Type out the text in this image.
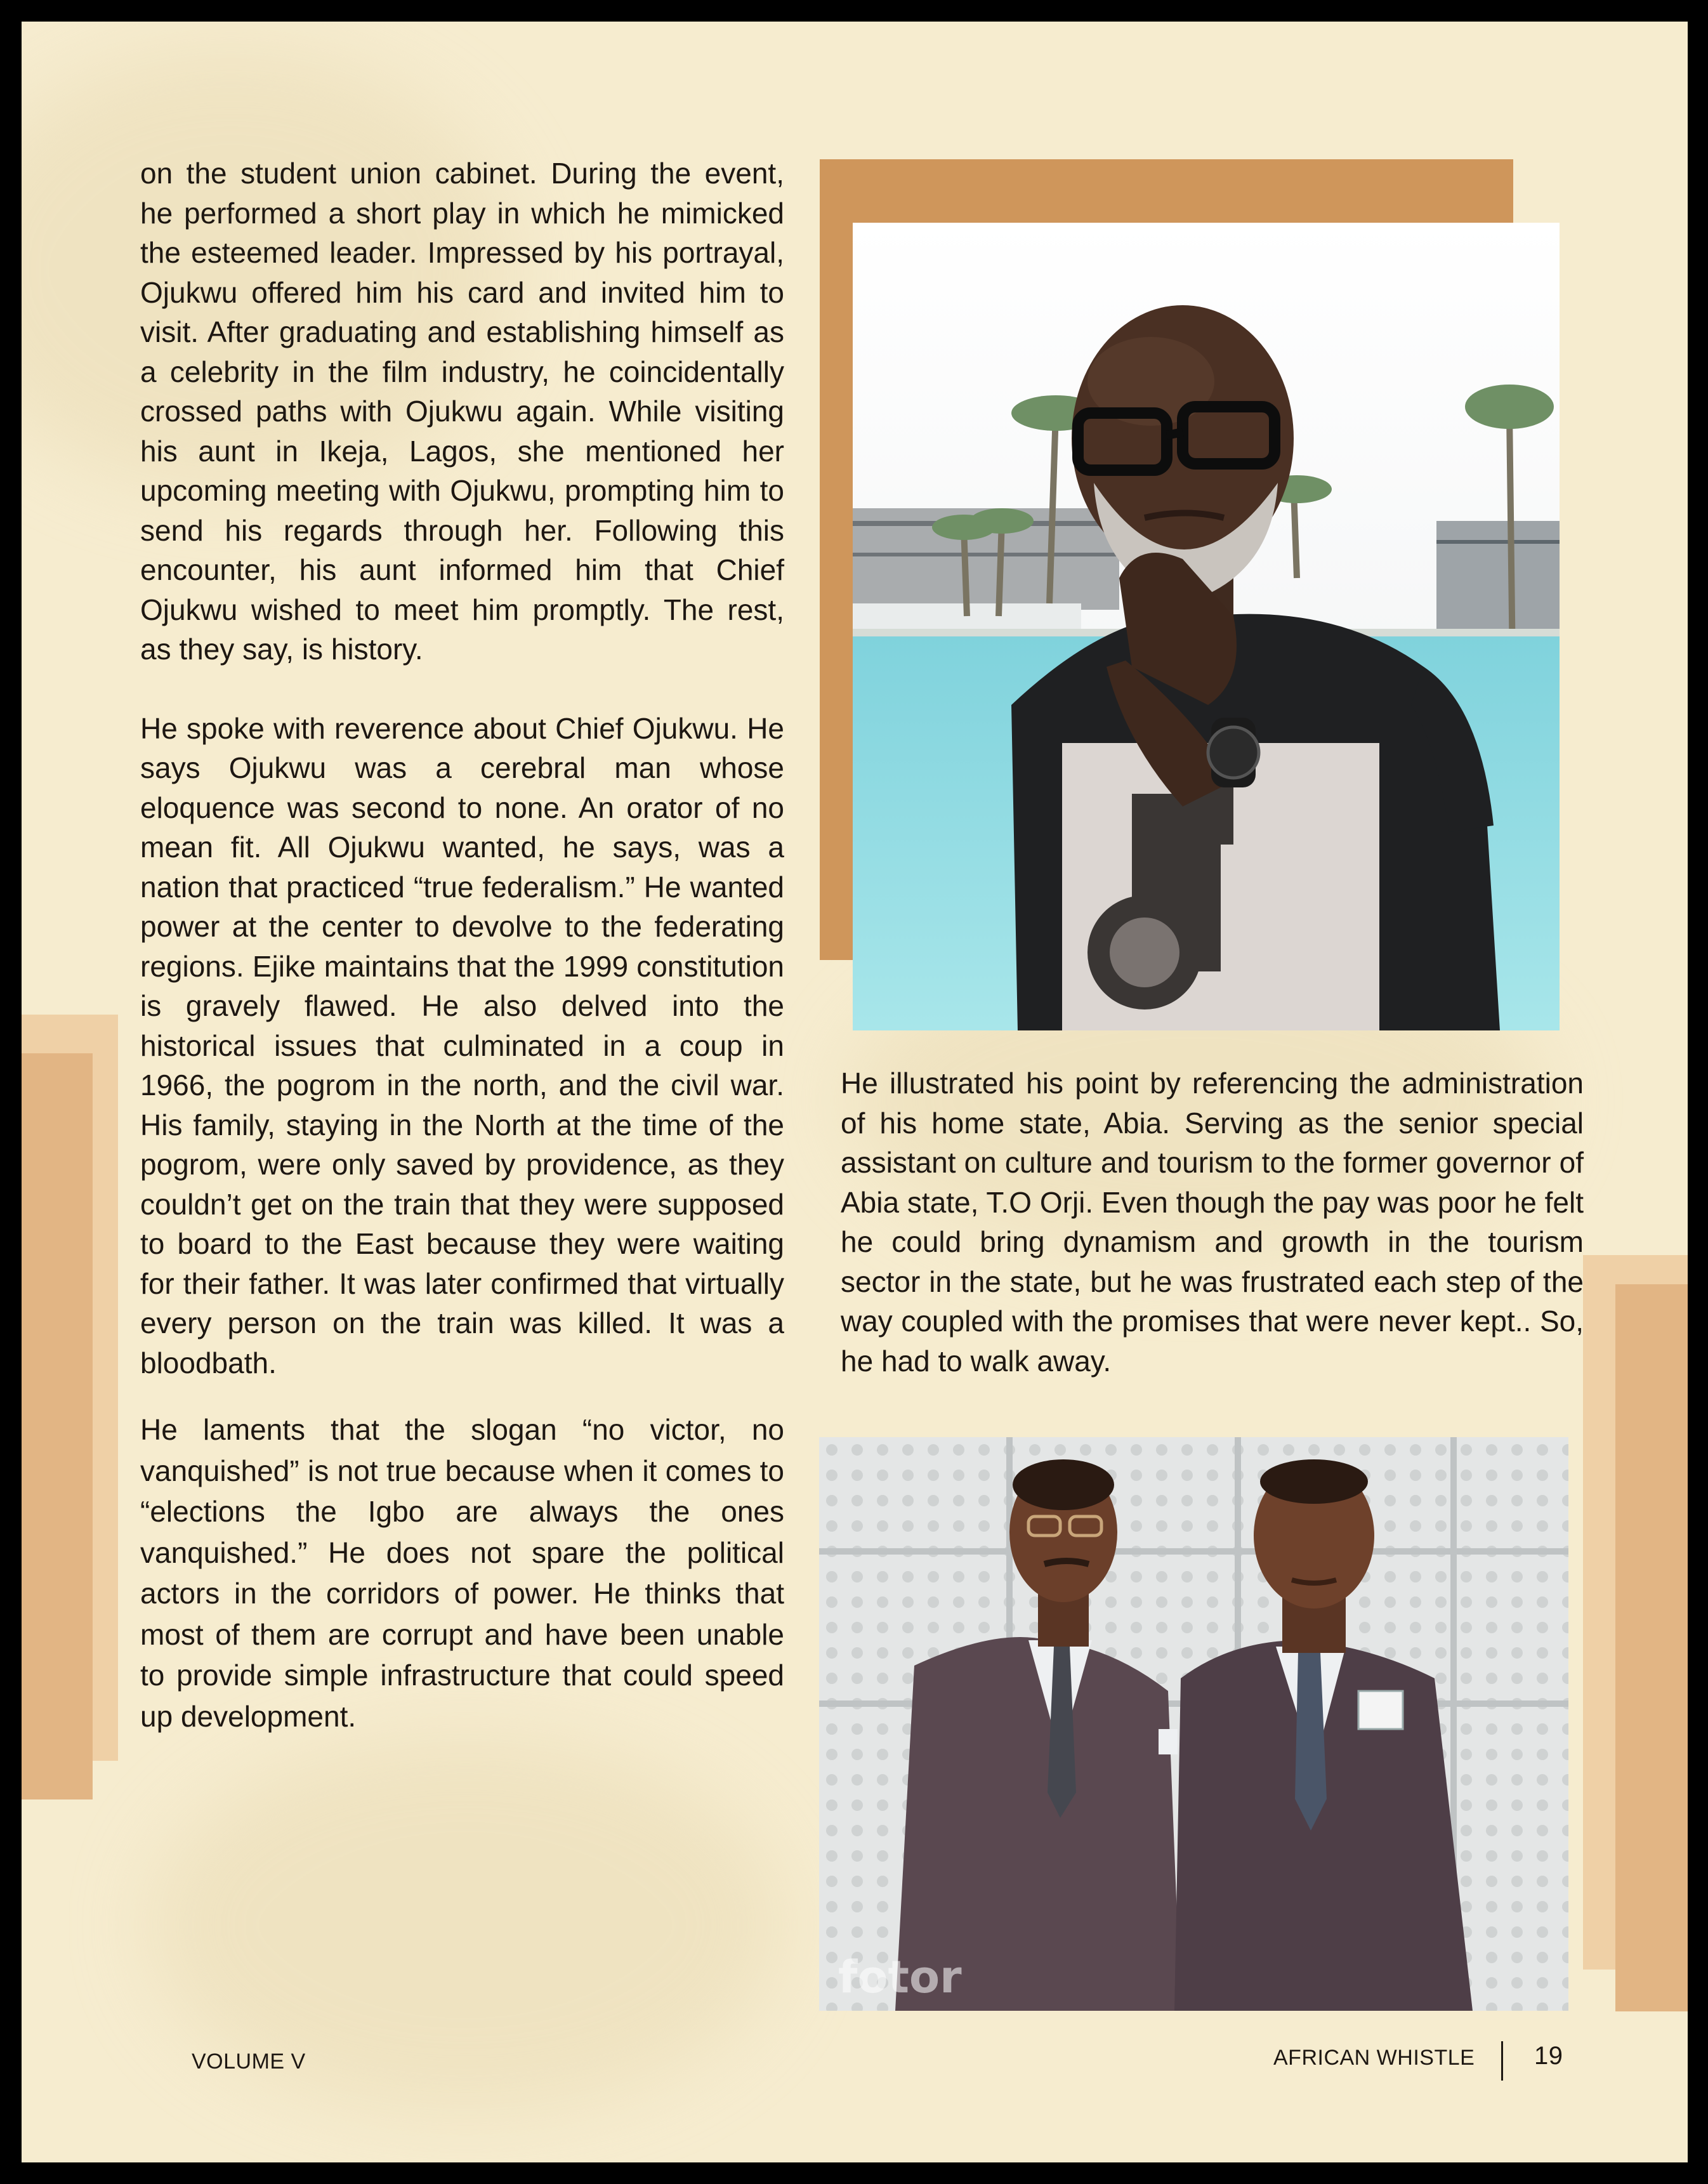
on the student union cabinet. During the event, he performed a short play in which he mimicked the esteemed leader. Impressed by his portrayal, Ojukwu offered him his card and invited him to visit. After graduating and establishing himself as a celebrity in the film industry, he coincidentally crossed paths with Ojukwu again. While visiting his aunt in Ikeja, Lagos, she mentioned her upcoming meeting with Ojukwu, prompting him to send his regards through her. Following this encounter, his aunt informed him that Chief Ojukwu wished to meet him promptly. The rest, as they say, is history.

He spoke with reverence about Chief Ojukwu. He says Ojukwu was a cerebral man whose eloquence was second to none. An orator of no mean fit. All Ojukwu wanted, he says, was a nation that practiced “true federalism.” He wanted power at the center to devolve to the federating regions. Ejike maintains that the 1999 constitution is gravely flawed. He also delved into the historical issues that culminated in a coup in 1966, the pogrom in the north, and the civil war. His family, staying in the North at the time of the pogrom, were only saved by providence, as they couldn’t get on the train that they were supposed to board to the East because they were waiting for their father. It was later confirmed that virtually every person on the train was killed. It was a bloodbath.

He laments that the slogan “no victor, no vanquished” is not true because when it comes to “elections the Igbo are always the ones vanquished.” He does not spare the political actors in the corridors of power. He thinks that most of them are corrupt and have been unable to provide simple infrastructure that could speed up development.

He illustrated his point by referencing the administration of his home state, Abia. Serving as the senior special assistant on culture and tourism to the former governor of Abia state, T.O Orji. Even though the pay was poor he felt he could bring dynamism and growth in the tourism sector in the state, but he was frustrated each step of the way coupled with the promises that were never kept.. So, he had to walk away.

fotor
VOLUME V	AFRICAN WHISTLE 19
